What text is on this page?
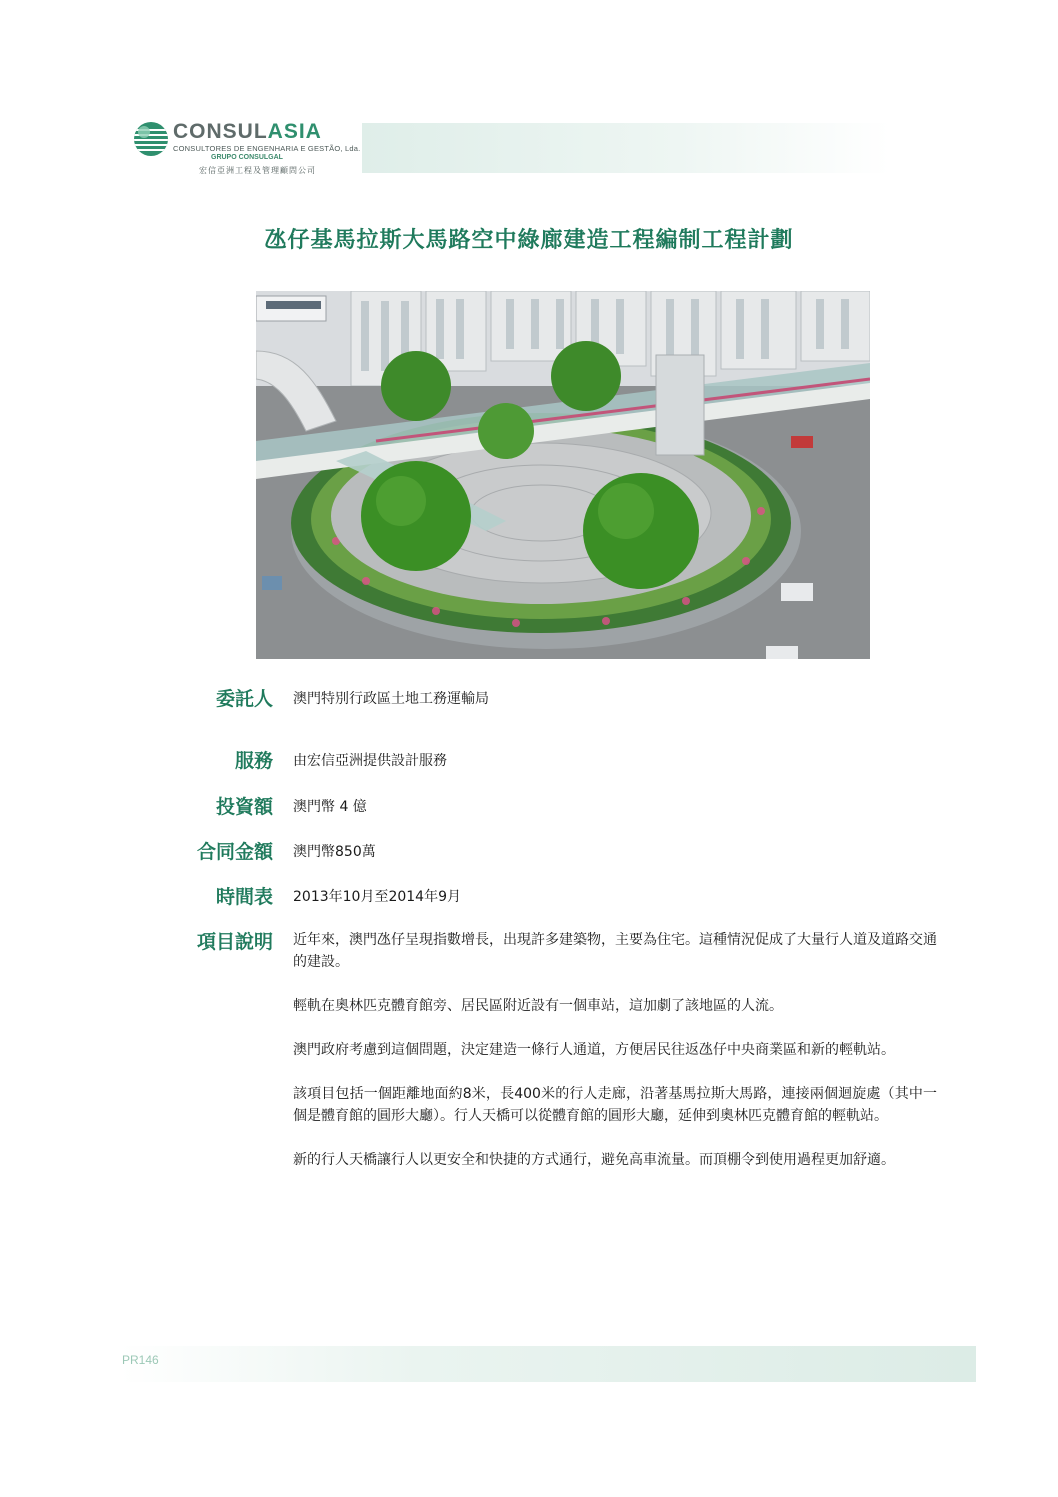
CONSULASIA
CONSULTORES DE ENGENHARIA E GESTÃO, Lda.
GRUPO CONSULGAL
宏信亞洲工程及管理顧問公司
氹仔基馬拉斯大馬路空中綠廊建造工程編制工程計劃
委託人 澳門特別行政區土地工務運輸局
服務 由宏信亞洲提供設計服務
投資額 澳門幣 4 億
合同金額 澳門幣850萬
時間表 2013年10月至2014年9月
項目說明 近年來，澳門氹仔呈現指數增長，出現許多建築物，主要為住宅。這種情況促成了大量行人道及道路交通的建設。

輕軌在奧林匹克體育館旁、居民區附近設有一個車站，這加劇了該地區的人流。

澳門政府考慮到這個問題，決定建造一條行人通道，方便居民往返氹仔中央商業區和新的輕軌站。

該項目包括一個距離地面約8米，長400米的行人走廊，沿著基馬拉斯大馬路，連接兩個迴旋處（其中一個是體育館的圓形大廳）。行人天橋可以從體育館的圓形大廳，延伸到奧林匹克體育館的輕軌站。

新的行人天橋讓行人以更安全和快捷的方式通行，避免高車流量。而頂棚令到使用過程更加舒適。

PR146
